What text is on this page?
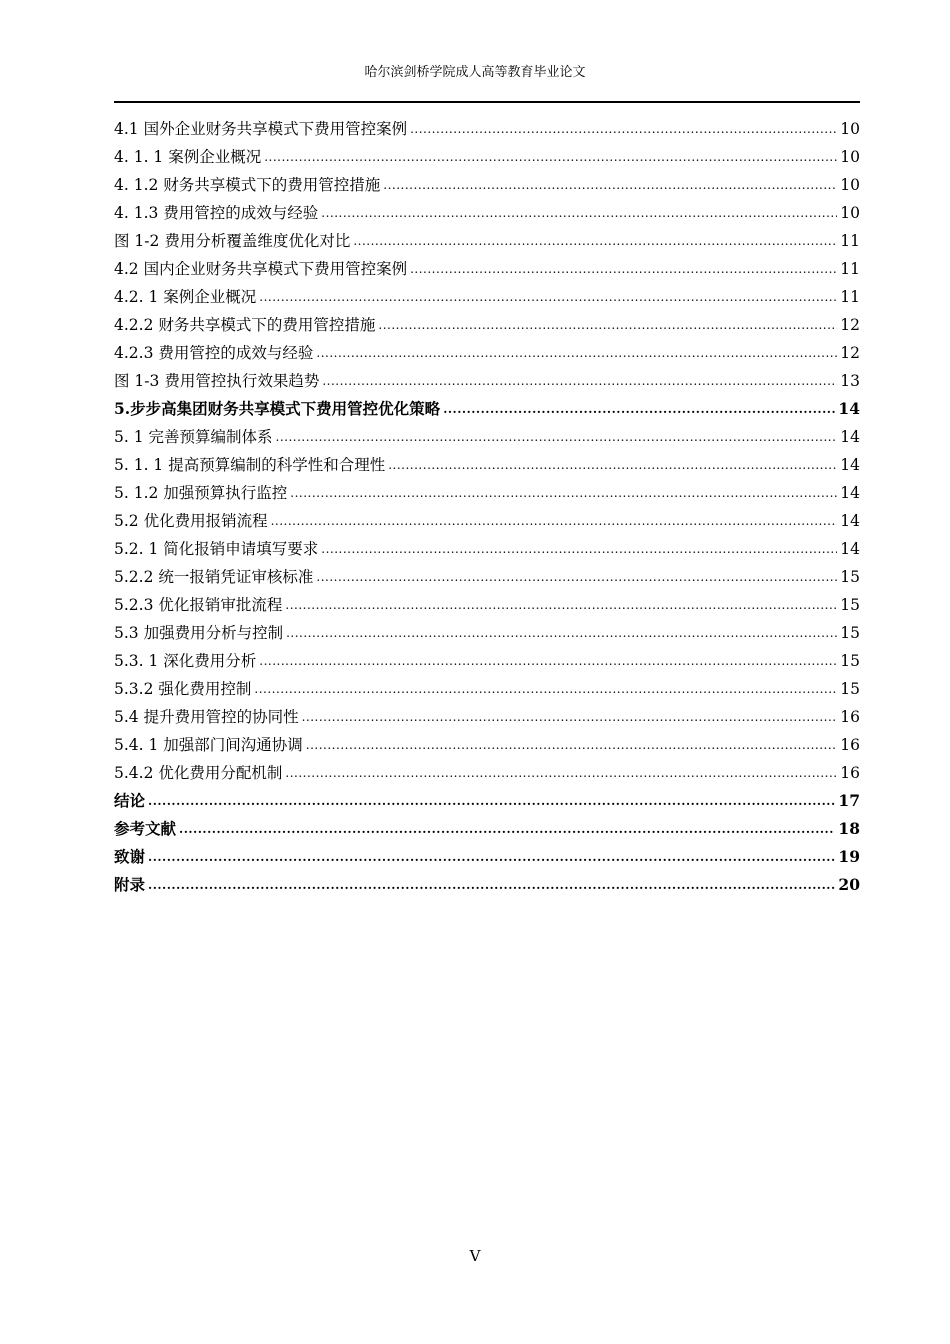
哈尔滨剑桥学院成人高等教育毕业论文
4.1 国外企业财务共享模式下费用管控案例 .....	10
4. 1. 1 案例企业概况 .....	10
4. 1.2 财务共享模式下的费用管控措施 .....	10
4. 1.3 费用管控的成效与经验 .....	10
图 1-2 费用分析覆盖维度优化对比 .....	11
4.2 国内企业财务共享模式下费用管控案例 .....	11
4.2. 1 案例企业概况 .....	11
4.2.2 财务共享模式下的费用管控措施 .....	12
4.2.3 费用管控的成效与经验 .....	12
图 1-3 费用管控执行效果趋势 .....	13
5.步步高集团财务共享模式下费用管控优化策略 .....	14
5. 1 完善预算编制体系 .....	14
5. 1. 1 提高预算编制的科学性和合理性 .....	14
5. 1.2 加强预算执行监控 .....	14
5.2 优化费用报销流程 .....	14
5.2. 1 简化报销申请填写要求 .....	14
5.2.2 统一报销凭证审核标准 .....	15
5.2.3 优化报销审批流程 .....	15
5.3 加强费用分析与控制 .....	15
5.3. 1 深化费用分析 .....	15
5.3.2 强化费用控制 .....	15
5.4 提升费用管控的协同性 .....	16
5.4. 1 加强部门间沟通协调 .....	16
5.4.2 优化费用分配机制 .....	16
结论 .....	17
参考文献 .....	18
致谢 .....	19
附录 .....	20
V
